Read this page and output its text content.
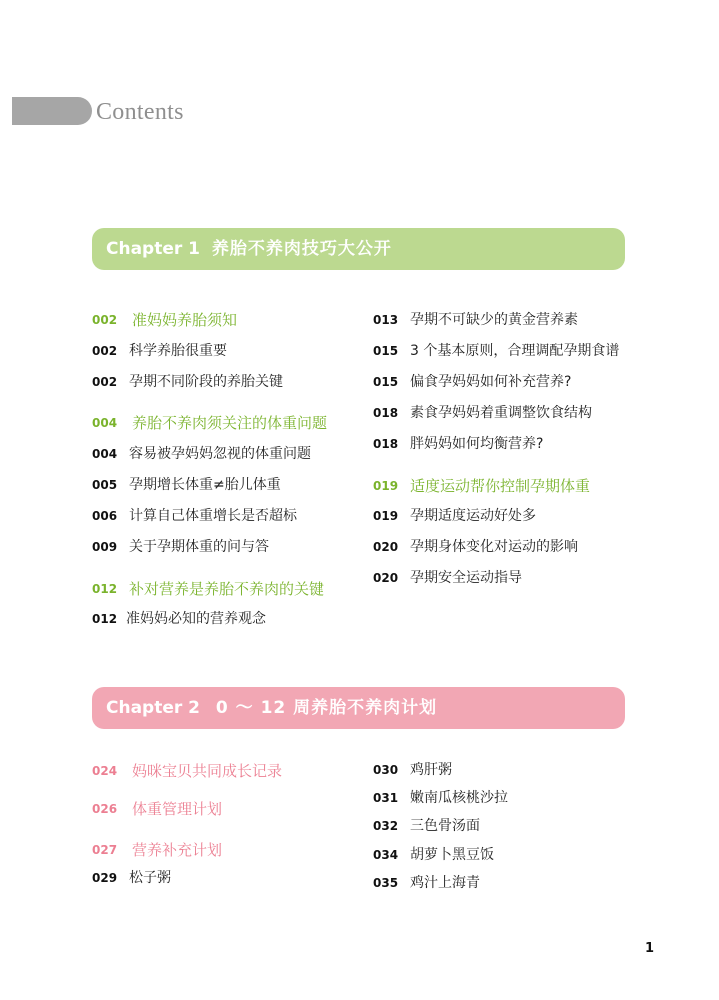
Contents
Chapter 1 养胎不养肉技巧大公开
002 准妈妈养胎须知
002 科学养胎很重要
002 孕期不同阶段的养胎关键
004 养胎不养肉须关注的体重问题
004 容易被孕妈妈忽视的体重问题
005 孕期增长体重≠胎儿体重
006 计算自己体重增长是否超标
009 关于孕期体重的问与答
012 补对营养是养胎不养肉的关键
012 准妈妈必知的营养观念
013 孕期不可缺少的黄金营养素
015 3 个基本原则，合理调配孕期食谱
015 偏食孕妈妈如何补充营养?
018 素食孕妈妈着重调整饮食结构
018 胖妈妈如何均衡营养?
019 适度运动帮你控制孕期体重
019 孕期适度运动好处多
020 孕期身体变化对运动的影响
020 孕期安全运动指导
Chapter 2 0 ～ 12 周养胎不养肉计划
024 妈咪宝贝共同成长记录
026 体重管理计划
027 营养补充计划
029 松子粥
030 鸡肝粥
031 嫩南瓜核桃沙拉
032 三色骨汤面
034 胡萝卜黑豆饭
035 鸡汁上海青
1
